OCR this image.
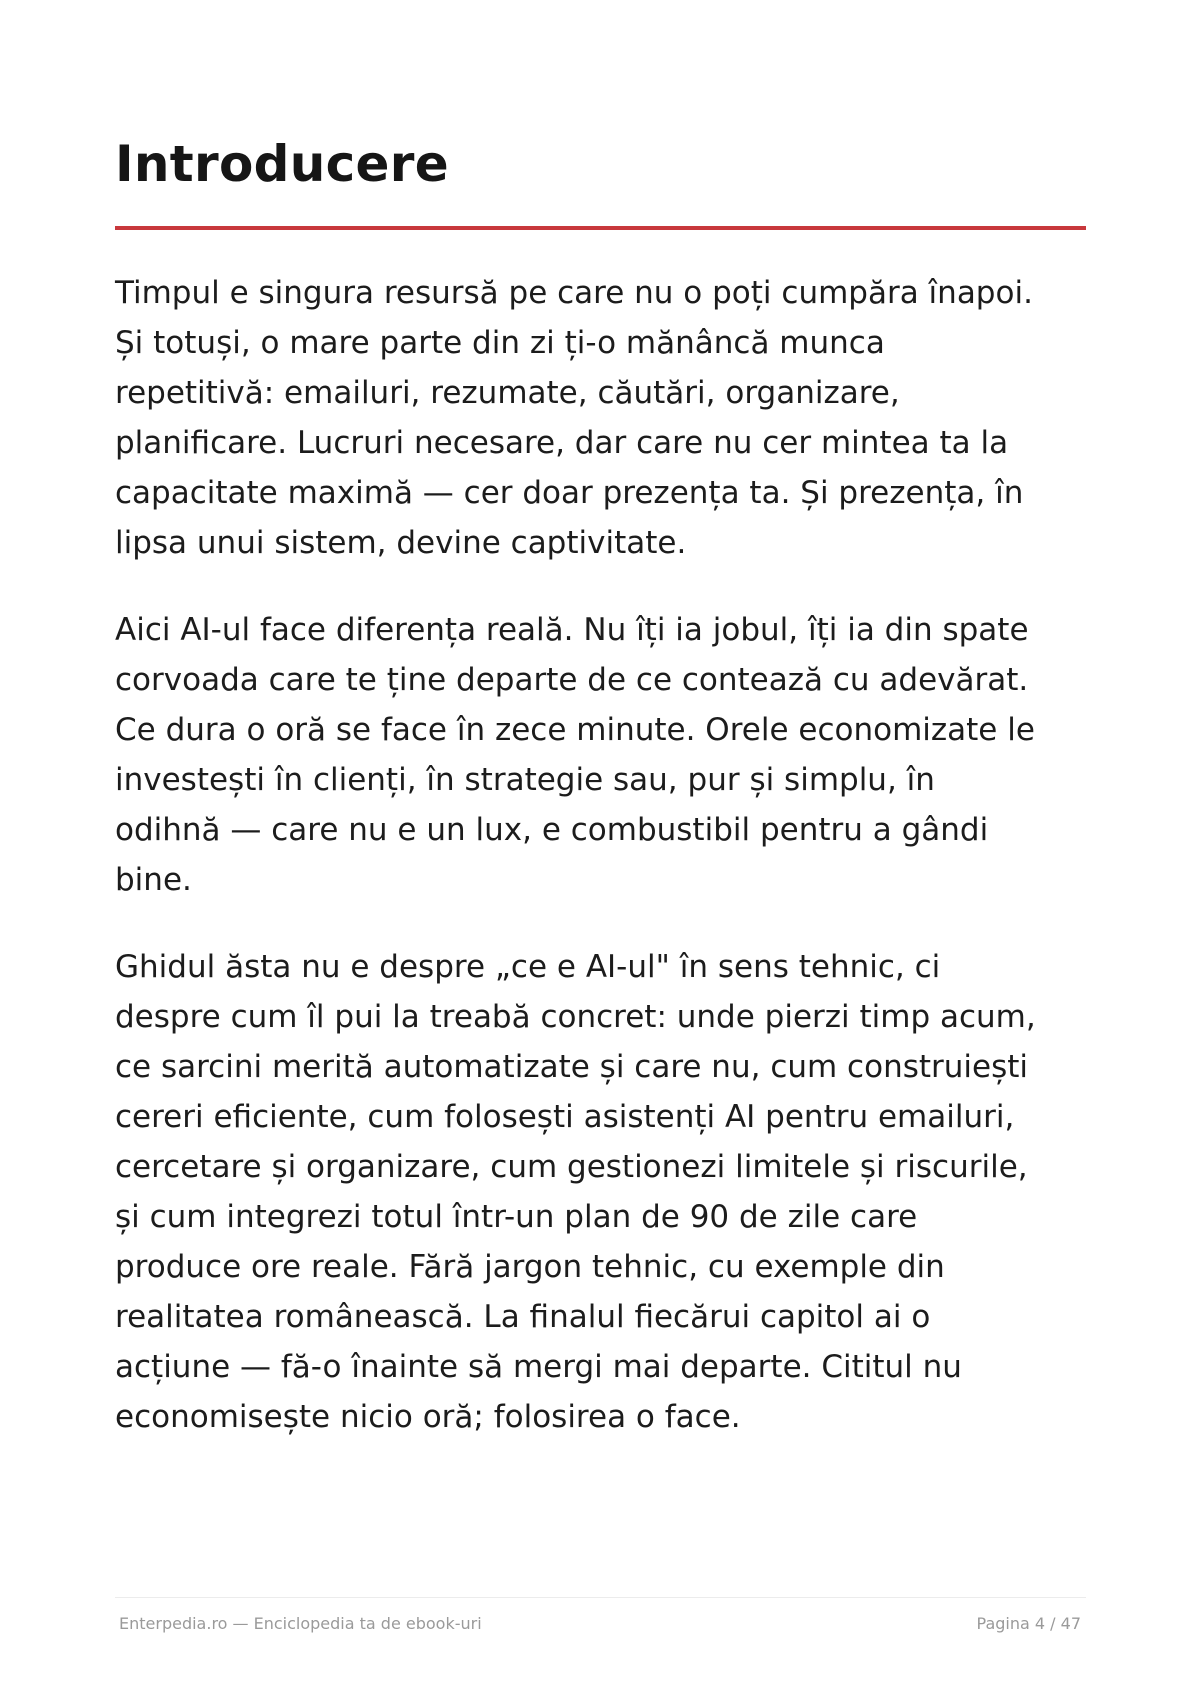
Introducere

Timpul e singura resursă pe care nu o poți cumpăra înapoi.
Și totuși, o mare parte din zi ți-o mănâncă munca
repetitivă: emailuri, rezumate, căutări, organizare,
planificare. Lucruri necesare, dar care nu cer mintea ta la
capacitate maximă — cer doar prezența ta. Și prezența, în
lipsa unui sistem, devine captivitate.

Aici AI-ul face diferența reală. Nu îți ia jobul, îți ia din spate
corvoada care te ține departe de ce contează cu adevărat.
Ce dura o oră se face în zece minute. Orele economizate le
investești în clienți, în strategie sau, pur și simplu, în
odihnă — care nu e un lux, e combustibil pentru a gândi
bine.

Ghidul ăsta nu e despre „ce e AI-ul" în sens tehnic, ci
despre cum îl pui la treabă concret: unde pierzi timp acum,
ce sarcini merită automatizate și care nu, cum construiești
cereri eficiente, cum folosești asistenți AI pentru emailuri,
cercetare și organizare, cum gestionezi limitele și riscurile,
și cum integrezi totul într-un plan de 90 de zile care
produce ore reale. Fără jargon tehnic, cu exemple din
realitatea românească. La finalul fiecărui capitol ai o
acțiune — fă-o înainte să mergi mai departe. Cititul nu
economisește nicio oră; folosirea o face.

Enterpedia.ro — Enciclopedia ta de ebook-uri	Pagina 4 / 47
